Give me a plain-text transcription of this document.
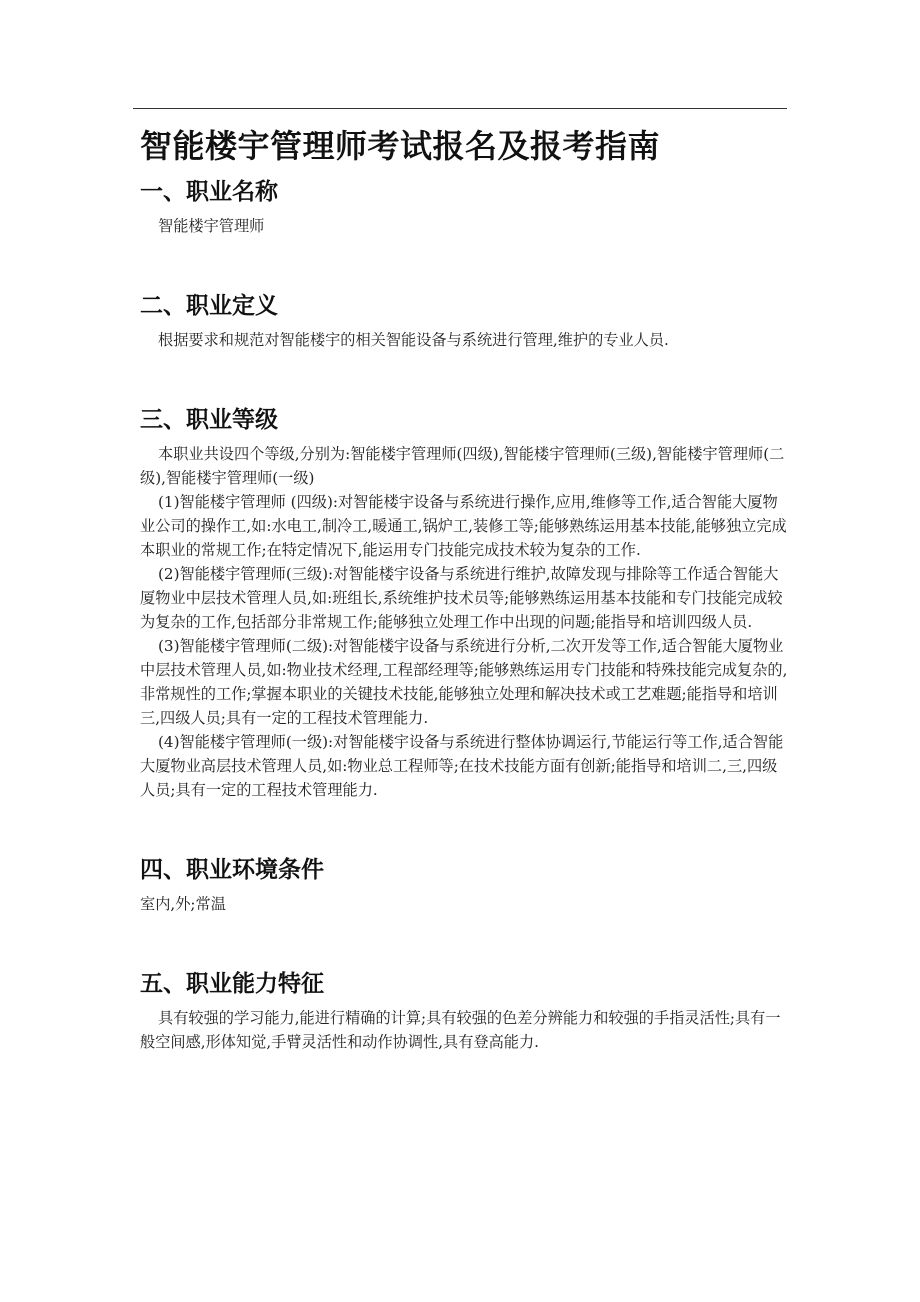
智能楼宇管理师考试报名及报考指南
一、职业名称

智能楼宇管理师

二、职业定义

根据要求和规范对智能楼宇的相关智能设备与系统进行管理,维护的专业人员.

三、职业等级

本职业共设四个等级,分别为:智能楼宇管理师(四级),智能楼宇管理师(三级),智能楼宇管理师(二级),智能楼宇管理师(一级)

(1)智能楼宇管理师 (四级):对智能楼宇设备与系统进行操作,应用,维修等工作,适合智能大厦物业公司的操作工,如:水电工,制冷工,暖通工,锅炉工,装修工等;能够熟练运用基本技能,能够独立完成本职业的常规工作;在特定情况下,能运用专门技能完成技术较为复杂的工作.

(2)智能楼宇管理师(三级):对智能楼宇设备与系统进行维护,故障发现与排除等工作适合智能大厦物业中层技术管理人员,如:班组长,系统维护技术员等;能够熟练运用基本技能和专门技能完成较为复杂的工作,包括部分非常规工作;能够独立处理工作中出现的问题;能指导和培训四级人员.

(3)智能楼宇管理师(二级):对智能楼宇设备与系统进行分析,二次开发等工作,适合智能大厦物业中层技术管理人员,如:物业技术经理,工程部经理等;能够熟练运用专门技能和特殊技能完成复杂的,非常规性的工作;掌握本职业的关键技术技能,能够独立处理和解决技术或工艺难题;能指导和培训三,四级人员;具有一定的工程技术管理能力.

(4)智能楼宇管理师(一级):对智能楼宇设备与系统进行整体协调运行,节能运行等工作,适合智能大厦物业高层技术管理人员,如:物业总工程师等;在技术技能方面有创新;能指导和培训二,三,四级人员;具有一定的工程技术管理能力.

四、职业环境条件

室内,外;常温

五、职业能力特征

具有较强的学习能力,能进行精确的计算;具有较强的色差分辨能力和较强的手指灵活性;具有一般空间感,形体知觉,手臂灵活性和动作协调性,具有登高能力.
